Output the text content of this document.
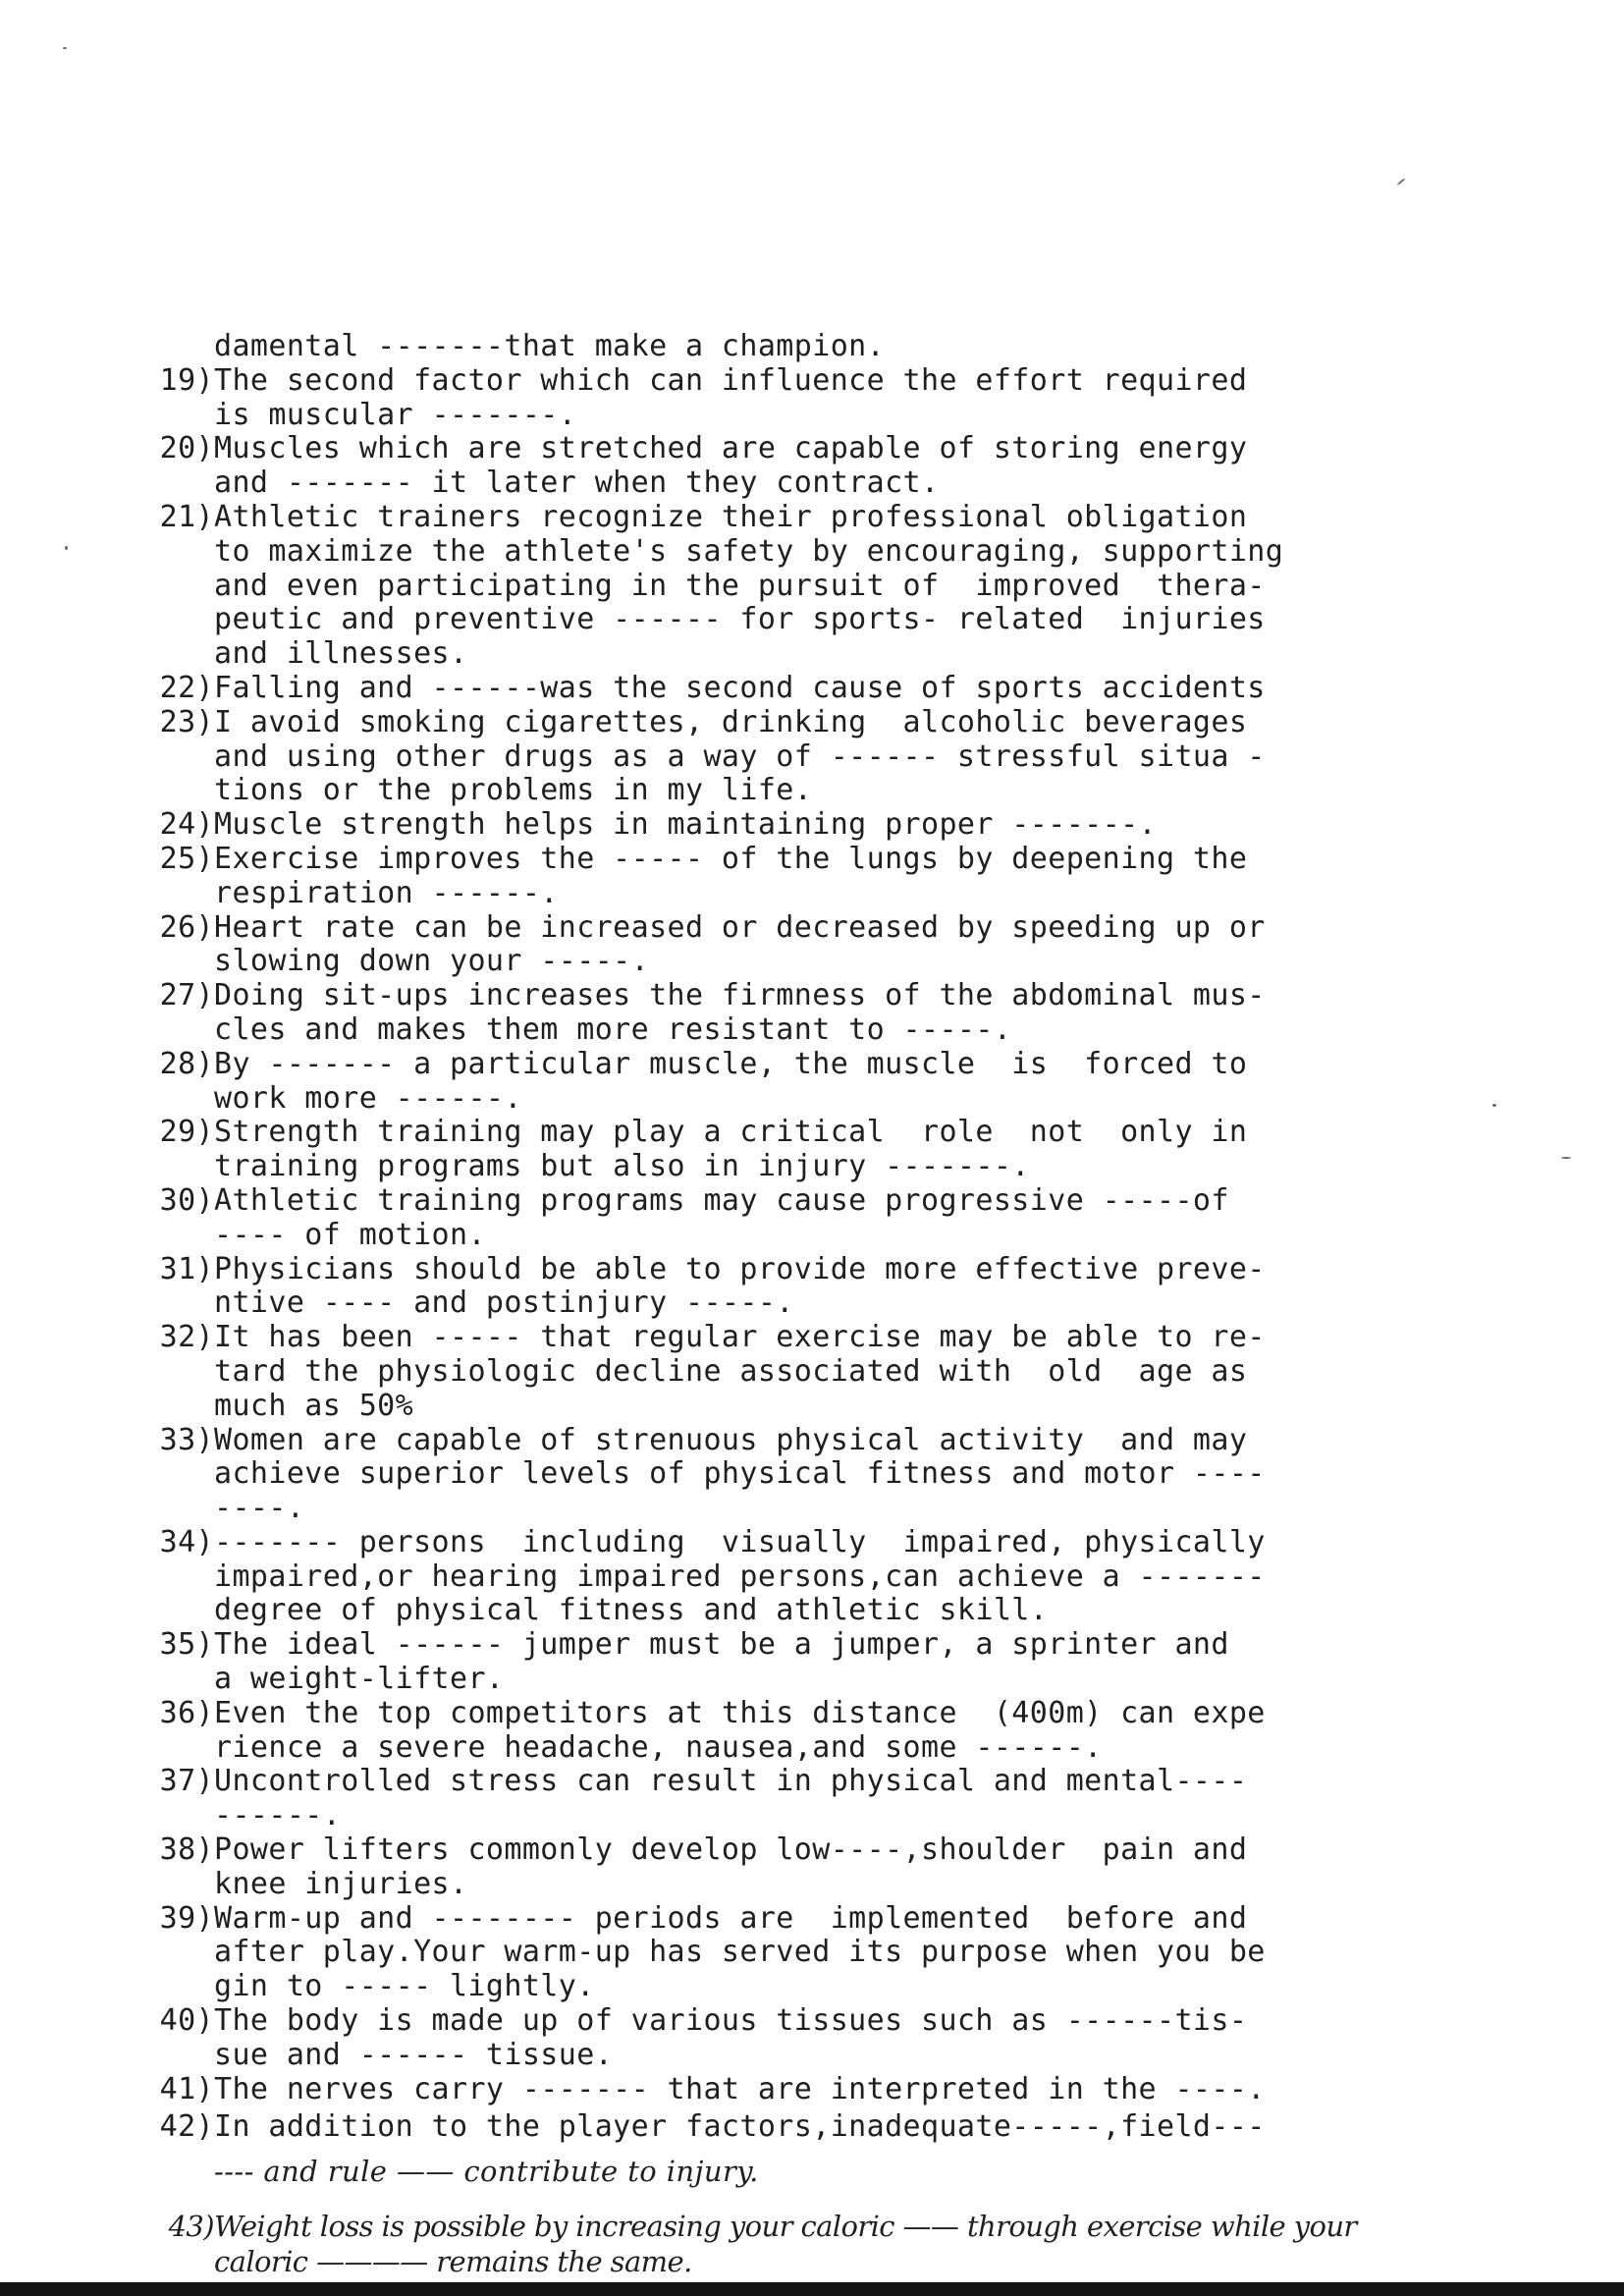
damental -------that make a champion.
19) The second factor which can influence the effort required
is muscular -------.
20) Muscles which are stretched are capable of storing energy
and ------- it later when they contract.
21) Athletic trainers recognize their professional obligation
to maximize the athlete's safety by encouraging, supporting
and even participating in the pursuit of  improved  thera-
peutic and preventive ------ for sports- related  injuries
and illnesses.
22) Falling and ------was the second cause of sports accidents
23) I avoid smoking cigarettes, drinking  alcoholic beverages
and using other drugs as a way of ------ stressful situa -
tions or the problems in my life.
24) Muscle strength helps in maintaining proper -------.
25) Exercise improves the ----- of the lungs by deepening the
respiration ------.
26) Heart rate can be increased or decreased by speeding up or
slowing down your -----.
27) Doing sit-ups increases the firmness of the abdominal mus-
cles and makes them more resistant to -----.
28) By ------- a particular muscle, the muscle  is  forced to
work more ------.
29) Strength training may play a critical  role  not  only in
training programs but also in injury -------.
30) Athletic training programs may cause progressive -----of
---- of motion.
31) Physicians should be able to provide more effective preve-
ntive ---- and postinjury -----.
32) It has been ----- that regular exercise may be able to re-
tard the physiologic decline associated with  old  age as
much as 50%
33) Women are capable of strenuous physical activity  and may
achieve superior levels of physical fitness and motor ----
----.
34) ------- persons  including  visually  impaired, physically
impaired,or hearing impaired persons,can achieve a -------
degree of physical fitness and athletic skill.
35) The ideal ------ jumper must be a jumper, a sprinter and
a weight-lifter.
36) Even the top competitors at this distance  (400m) can expe
rience a severe headache, nausea,and some ------.
37) Uncontrolled stress can result in physical and mental----
------.
38) Power lifters commonly develop low----,shoulder  pain and
knee injuries.
39) Warm-up and -------- periods are  implemented  before and
after play.Your warm-up has served its purpose when you be
gin to ----- lightly.
40) The body is made up of various tissues such as ------tis-
sue and ------ tissue.
41) The nerves carry ------- that are interpreted in the ----.
42) In addition to the player factors,inadequate-----,field---
---- and rule —— contribute to injury.
43) Weight loss is possible by increasing your caloric —— through exercise while your
caloric ———— remains the same.
